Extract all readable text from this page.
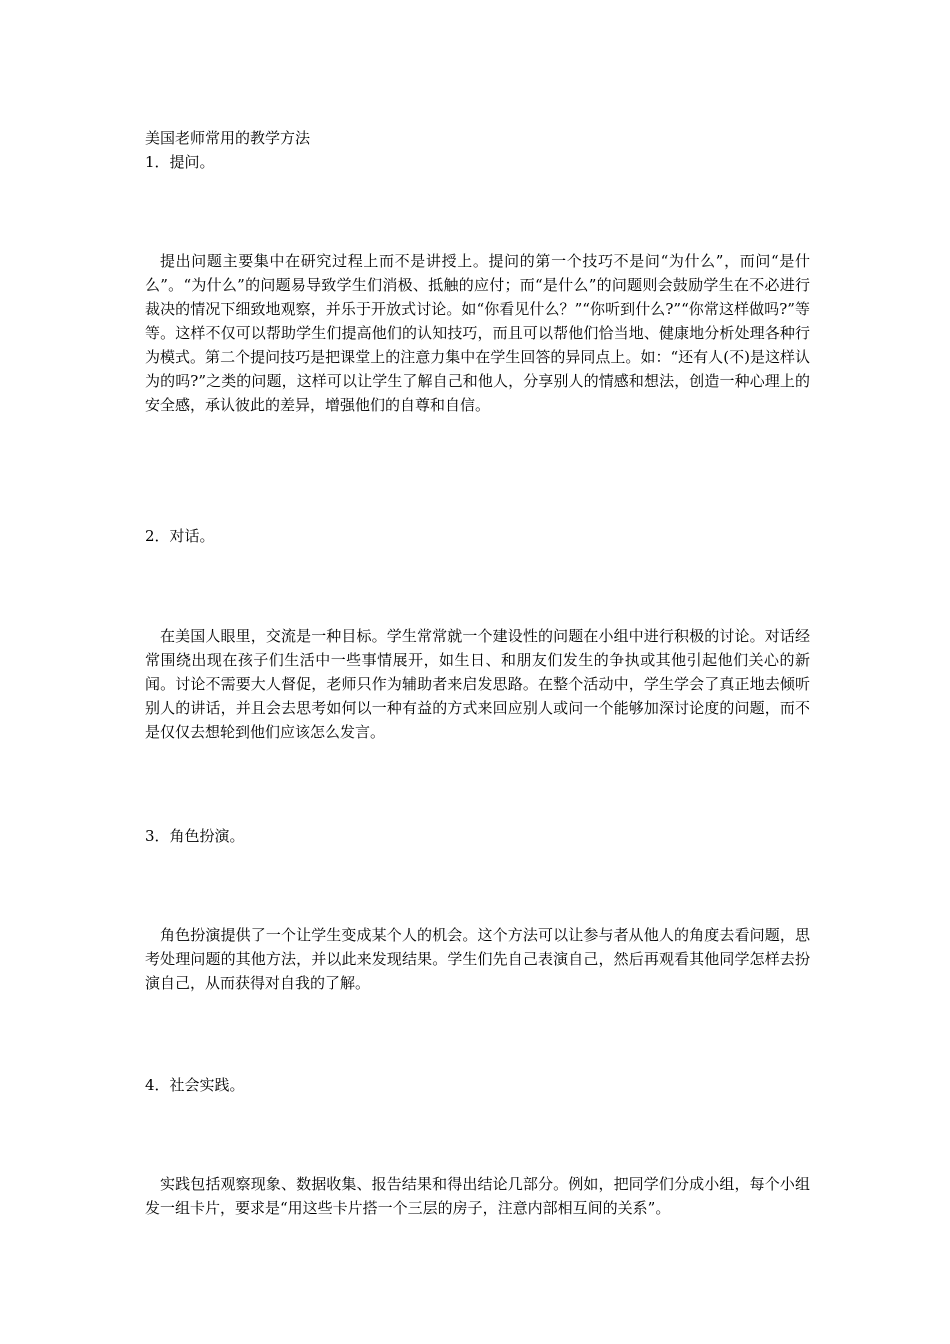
美国老师常用的教学方法

1．提问。

提出问题主要集中在研究过程上而不是讲授上。提问的第一个技巧不是问“为什么”，而问“是什么”。“为什么”的问题易导致学生们消极、抵触的应付；而“是什么”的问题则会鼓励学生在不必进行裁决的情况下细致地观察，并乐于开放式讨论。如“你看见什么？”“你听到什么?”“你常这样做吗?”等等。这样不仅可以帮助学生们提高他们的认知技巧，而且可以帮他们恰当地、健康地分析处理各种行为模式。第二个提问技巧是把课堂上的注意力集中在学生回答的异同点上。如：“还有人(不)是这样认为的吗?”之类的问题，这样可以让学生了解自己和他人，分享别人的情感和想法，创造一种心理上的安全感，承认彼此的差异，增强他们的自尊和自信。

2．对话。

在美国人眼里，交流是一种目标。学生常常就一个建设性的问题在小组中进行积极的讨论。对话经常围绕出现在孩子们生活中一些事情展开，如生日、和朋友们发生的争执或其他引起他们关心的新闻。讨论不需要大人督促，老师只作为辅助者来启发思路。在整个活动中，学生学会了真正地去倾听别人的讲话，并且会去思考如何以一种有益的方式来回应别人或问一个能够加深讨论度的问题，而不是仅仅去想轮到他们应该怎么发言。

3．角色扮演。

角色扮演提供了一个让学生变成某个人的机会。这个方法可以让参与者从他人的角度去看问题，思考处理问题的其他方法，并以此来发现结果。学生们先自己表演自己，然后再观看其他同学怎样去扮演自己，从而获得对自我的了解。

4．社会实践。

实践包括观察现象、数据收集、报告结果和得出结论几部分。例如，把同学们分成小组，每个小组发一组卡片，要求是“用这些卡片搭一个三层的房子，注意内部相互间的关系”。
